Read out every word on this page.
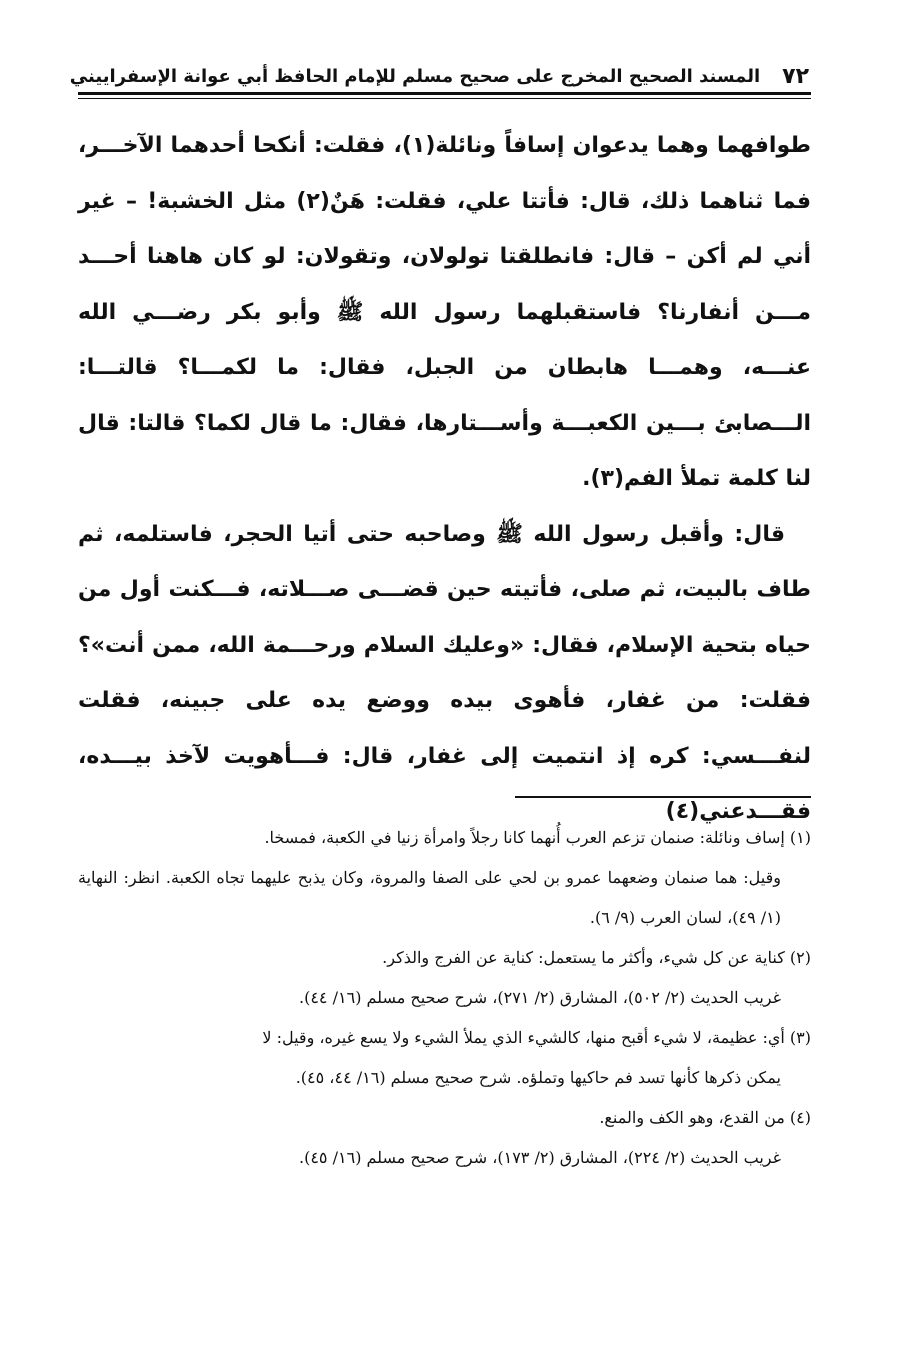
٧٢
المسند الصحيح المخرج على صحيح مسلم للإمام الحافظ أبي عوانة الإسفراييني

طوافهما وهما يدعوان إسافاً ونائلة(١)، فقلت: أنكحا أحدهما الآخـــر، فما ثناهما ذلك، قال: فأتتا علي، فقلت: هَنٌ(٢) مثل الخشبة! – غير أني لم أكن – قال: فانطلقتا تولولان، وتقولان: لو كان هاهنا أحـــد مـــن أنفارنا؟ فاستقبلهما رسول الله ﷺ وأبو بكر رضـــي الله عنـــه، وهمـــا هابطان من الجبل، فقال: ما لكمـــا؟ قالتـــا: الـــصابئ بـــين الكعبـــة وأســـتارها، فقال: ما قال لكما؟ قالتا: قال لنا كلمة تملأ الفم(٣).

قال: وأقبل رسول الله ﷺ وصاحبه حتى أتيا الحجر، فاستلمه، ثم طاف بالبيت، ثم صلى، فأتيته حين قضـــى صـــلاته، فـــكنت أول من حياه بتحية الإسلام، فقال: «وعليك السلام ورحـــمة الله، ممن أنت»؟ فقلت: من غفار، فأهوى بيده ووضع يده على جبينه، فقلت لنفـــسي: كره إذ انتميت إلى غفار، قال: فـــأهويت لآخذ بيـــده، فقـــدعني(٤)

(١) إساف ونائلة: صنمان تزعم العرب أُنهما كانا رجلاً وامرأة زنيا في الكعبة، فمسخا.
وقيل: هما صنمان وضعهما عمرو بن لحي على الصفا والمروة، وكان يذبح عليهما تجاه الكعبة. انظر: النهاية (١/ ٤٩)، لسان العرب (٩/ ٦).
(٢) كناية عن كل شيء، وأكثر ما يستعمل: كناية عن الفرج والذكر.
غريب الحديث (٢/ ٥٠٢)، المشارق (٢/ ٢٧١)، شرح صحيح مسلم (١٦/ ٤٤).
(٣) أي: عظيمة، لا شيء أقبح منها، كالشيء الذي يملأ الشيء ولا يسع غيره، وقيل: لا
يمكن ذكرها كأنها تسد فم حاكيها وتملؤه. شرح صحيح مسلم (١٦/ ٤٤، ٤٥).
(٤) من القدع، وهو الكف والمنع.
غريب الحديث (٢/ ٢٢٤)، المشارق (٢/ ١٧٣)، شرح صحيح مسلم (١٦/ ٤٥).
